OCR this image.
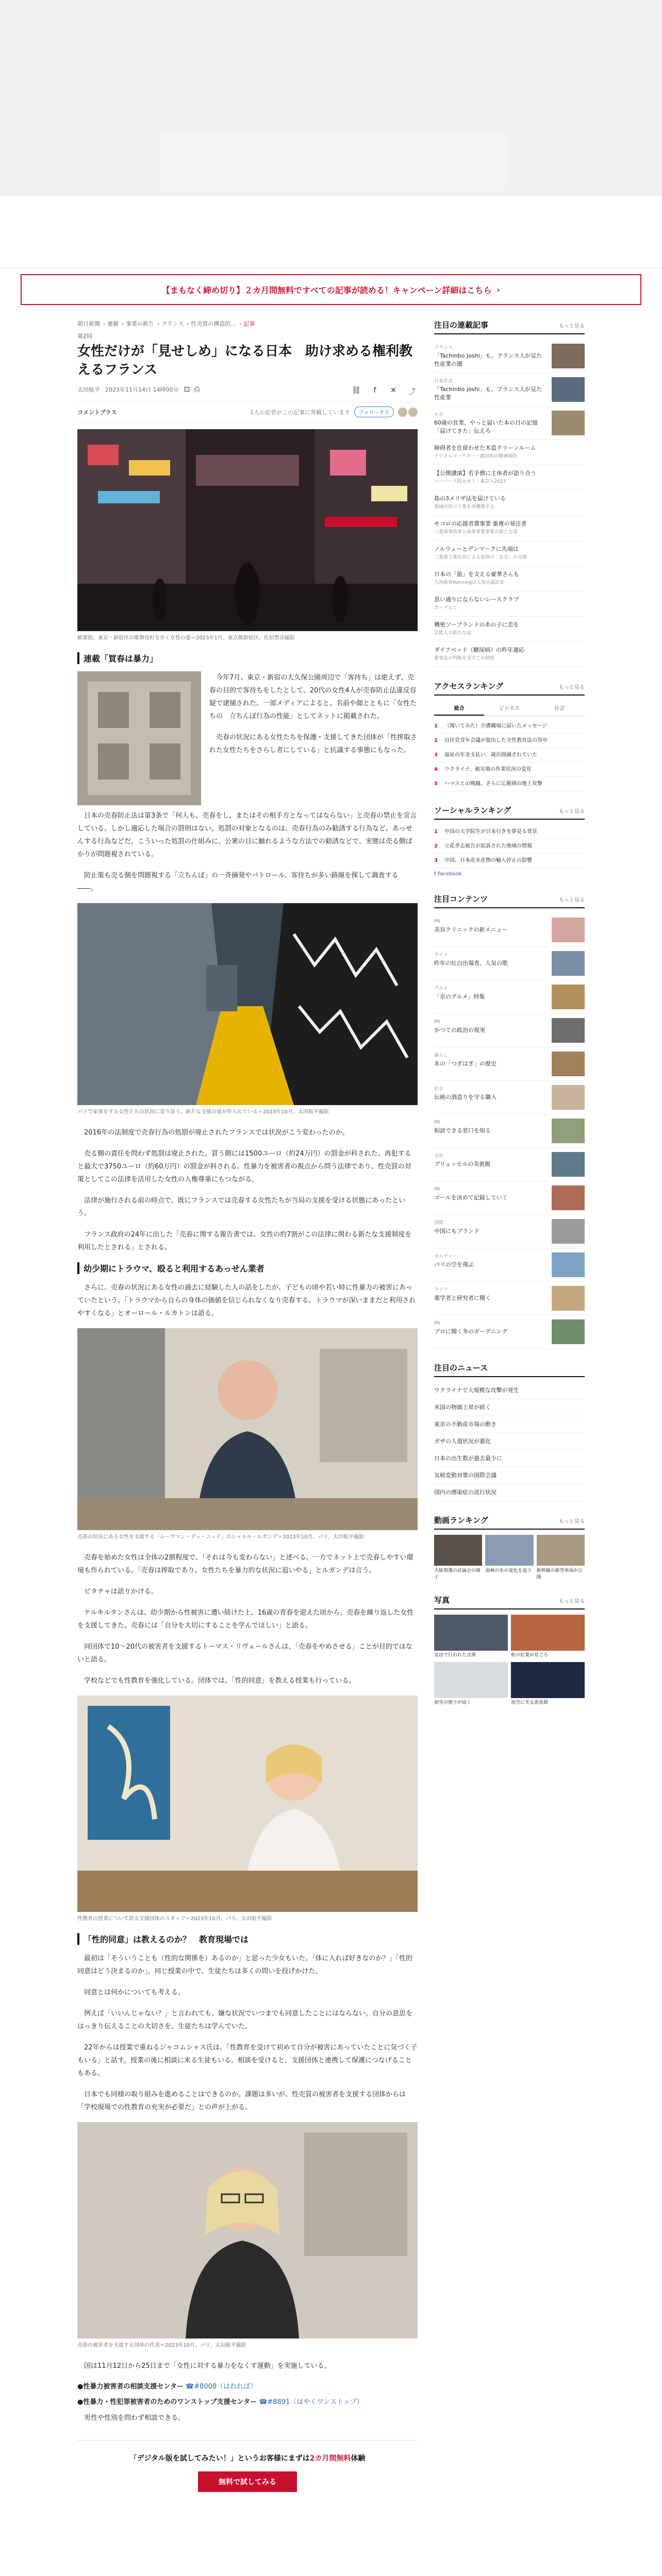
【まもなく締め切り】２カ月間無料ですべての記事が読める！キャンペーン詳細はこちら ›
朝日新聞 › 連載 › 事業の新た › フランス › 性売買の構造的… › 記事
第2回
女性だけが「見せしめ」になる日本　助け求める権利教えるフランス
太田航平 2023年11月14日 14時00分 ⊡ ⎙	⛓	f	✕	⤴
コメントプラス	1人の記者がこの記事に寄稿しています	フォローする
歓楽街、東京・新宿区の歌舞伎町を歩く女性の姿＝2023年1月、東京都新宿区、佐伯豊彦撮影
連載「買春は暴力」

今年7月、東京・新宿の大久保公園周辺で「客待ち」は絶えず、売春の目的で客待ちをしたとして、20代の女性4人が売春防止法違反容疑で逮捕された。一部メディアによると、名前や顔とともに「女性たちの　立ちんぼ行為の性能」としてネットに掲載された。

売春の状況にある女性たちを保護・支援してきた団体が「性搾取された女性たちをさらし者にしている」と抗議する事態にもなった。

日本の売春防止法は第3条で「何人も、売春をし、またはその相手方となってはならない」と売春の禁止を宣言している。しかし適応した場合の罰則はない。処罰の対象となるのは、売春行為のみ勧誘する行為など。あっせんする行為などだ。こういった処罰の仕組みに、公衆の目に触れるような方法での勧誘などで、実態は売る側ばかりが問題視されている。

防止策も売る側を問題視する「立ちんぼ」の一斉摘発やパトロール、客待ちが多い路線を探して調査する――。

パリで家事をする女性たちの状況に寄り添う、新たな支援の道が作られている＝2023年10月、太田航平撮影

2016年の法制度で売春行為の処罰が廃止されたフランスでは状況がこう変わったのか。

売る側の責任を問わず処罰は廃止された。買う側には1500ユーロ（約24万円）の罰金が科された。再犯すると最大で3750ユーロ（約60万円）の罰金が科される。性暴力を被害者の視点から問う法律であり、性売買の対策としてこの法律を活用した女性の人権尊重にもつながる。

法律が施行される前の時点で、既にフランスでは売春する女性たちが当局の支援を受ける状態にあったという。

フランス政府の24年に出した「売春に関する報告書では、女性の約7割がこの法律に関わる新たな支援制度を利用したとされる」とされる。

幼少期にトラウマ、殴ると利用するあっせん業者

さらに、売春の状況にある女性の過去に経験した人の話をしたが、子どもの頃や若い時に性暴力の被害にあっていたという。「トラウマから自らの身体の価値を信じられなくなり売春する。トラウマが深いままだと利用されやすくなる」とオーロール・ルカトンは語る。

売春の状況にある女性を支援する「ムーヴマン・デュ・ニッド」のシャルル・ルガンデ＝2023年10月、パリ、太田航平撮影

売春を始めた女性は全体の2割程度で、「それは今も変わらない」と述べる。一方でネット上で売春しやすい環境も作られている。「売春は搾取であり、女性たちを暴力的な状況に追いやる」とルガンデは言う。

ピタチャは語りかける。

ケルキルタンさんは、幼少期から性被害に遭い続けた上、16歳の青春を迎えた頃から、売春を繰り返した女性を支援してきた。売春には「自分を大切にすることを学んでほしい」と語る。

同団体で10〜20代の被害者を支援するトーマス・リヴェールさんは、「売春をやめさせる」ことが目的ではないと語る。

学校などでも性教育を強化している。団体では、「性的同意」を教える授業も行っている。

性教育の授業について語る支援団体のスタッフ＝2023年10月、パリ、太田航平撮影
「性的同意」は教えるのか？　教育現場では

最初は「そういうことも（性的な関係を）あるのか」と思った少女もいた。「体に入れば好きなのか？」「性的同意はどう決まるのか」。同じ授業の中で、生徒たちは多くの問いを投げかけた。

同意とは何かについても考える。

例えば「いいんじゃない？」と言われても、嫌な状況でいつまでも同意したことにはならない。自分の意思をはっきり伝えることの大切さを、生徒たちは学んでいた。

22年からは授業で重ねるジャコムシャス氏は、「性教育を受けて初めて自分が被害にあっていたことに気づく子もいる」と話す。授業の後に相談に来る生徒もいる。相談を受けると、支援団体と連携して保護につなげることもある。

日本でも同様の取り組みを進めることはできるのか。課題は多いが、性売買の被害者を支援する団体からは「学校現場での性教育の充実が必要だ」との声が上がる。

売春の被害者を支援する団体の代表＝2023年10月、パリ、太田航平撮影

国は11月12日から25日まで「女性に対する暴力をなくす運動」を実施している。

●性暴力被害者の相談支援センター ☎#8008（はれれば）
●性暴力・性犯罪被害者のためのワンストップ支援センター ☎#8891（はやくワンストップ）

男性や性別を問わず相談できる。

「デジタル版を試してみたい！」というお客様にまずは2カ月間無料体験
無料で試してみる
注目の連載記事	もっと見る
フランス
「Tachinbo Joshi」も。フランス人が見た性産業の闇
日本社会
「Tachinbo joshi」も。フランス人が見た性産業
ルポ
60歳の営業、やっと届いた本の日の記憶「届けてきた」伝えろ
障碍者を仕留わせた木造クリーンルーム
デジタルマーケター・廣田彰の精神病院
【公開講演】若手僧に主体者が語り合う
ハーバード院大ゼミ・東京大2023
島の3メリザ法を届けている
地域の持つ工業を再構築する
モコロの応援者賞事業 重複の発注者
三菱商事改革と改革事業事業の新たな道
ノルウェーとデンマークに先端は
三菱重工業社員による家庭の「在宅」の支援
日本の「旅」を支える豪華さんも
九州旅客Runningは人気の通訳家
思い通りにならないレースクラブ
カーナビと
機密ソープランドのあの子に恋を
芸能人の新たな話
ダイアベッド（糖尿病）の昨年適応
薬事法の判断を受けての制度
アクセスランキング	もっと見る
総合	ビジネス	社会
1	（聞いてみた）介護職場に届いたメッセージ
2	自民党青年会議が提出した全性教育法の答申
3	福祉の年金支払い、歳出削減されていた
4	ウクライナ、被災地の作業状況の変化
5	ハマスとの戦闘、さらに広範囲の地上攻撃
ソーシャルランキング	もっと見る
1	中国の大学院生が日本行きを夢見る背景
2	立花孝志被告が起訴された地域の情報
3	中国、日本産水産物の輸入停止の影響
f Facebook
注目コンテンツ	もっと見る
PR
美容クリニックの新メニュー
ライフ
昨年の紅白出場者、人気の歌
グルメ
「京のグルメ」特集
PR
かつての政治の現実
暮らし
あの「つぎはぎ」の歴史
社会
伝統の酒造りを守る職人
PR
相談できる窓口を知る
文化
ブリュッセルの美術館
PR
ゴールを決めて記録していく
国際
中国にもブランド
カルチャー
パリの空を飛ぶ
ライフ
薬学者と研究者に聞く
PR
プロに聞く冬のガーデニング
注目のニュース
ウクライナで大規模な攻撃が発生
米国の物価上昇が続く
東京の不動産市場の動き
ガザの人道状況が悪化
日本の出生数が過去最少に
気候変動対策の国際会議
国内の感染症の流行状況
動画ランキング	もっと見る
大統領選の討論会の様子
南極の氷の変化を追う	新幹線の新型車両が公開
写真	もっと見る
皇居で行われた式典	秋の紅葉が見ごろ
初雪の便りが届く	夜空に光る流星群
